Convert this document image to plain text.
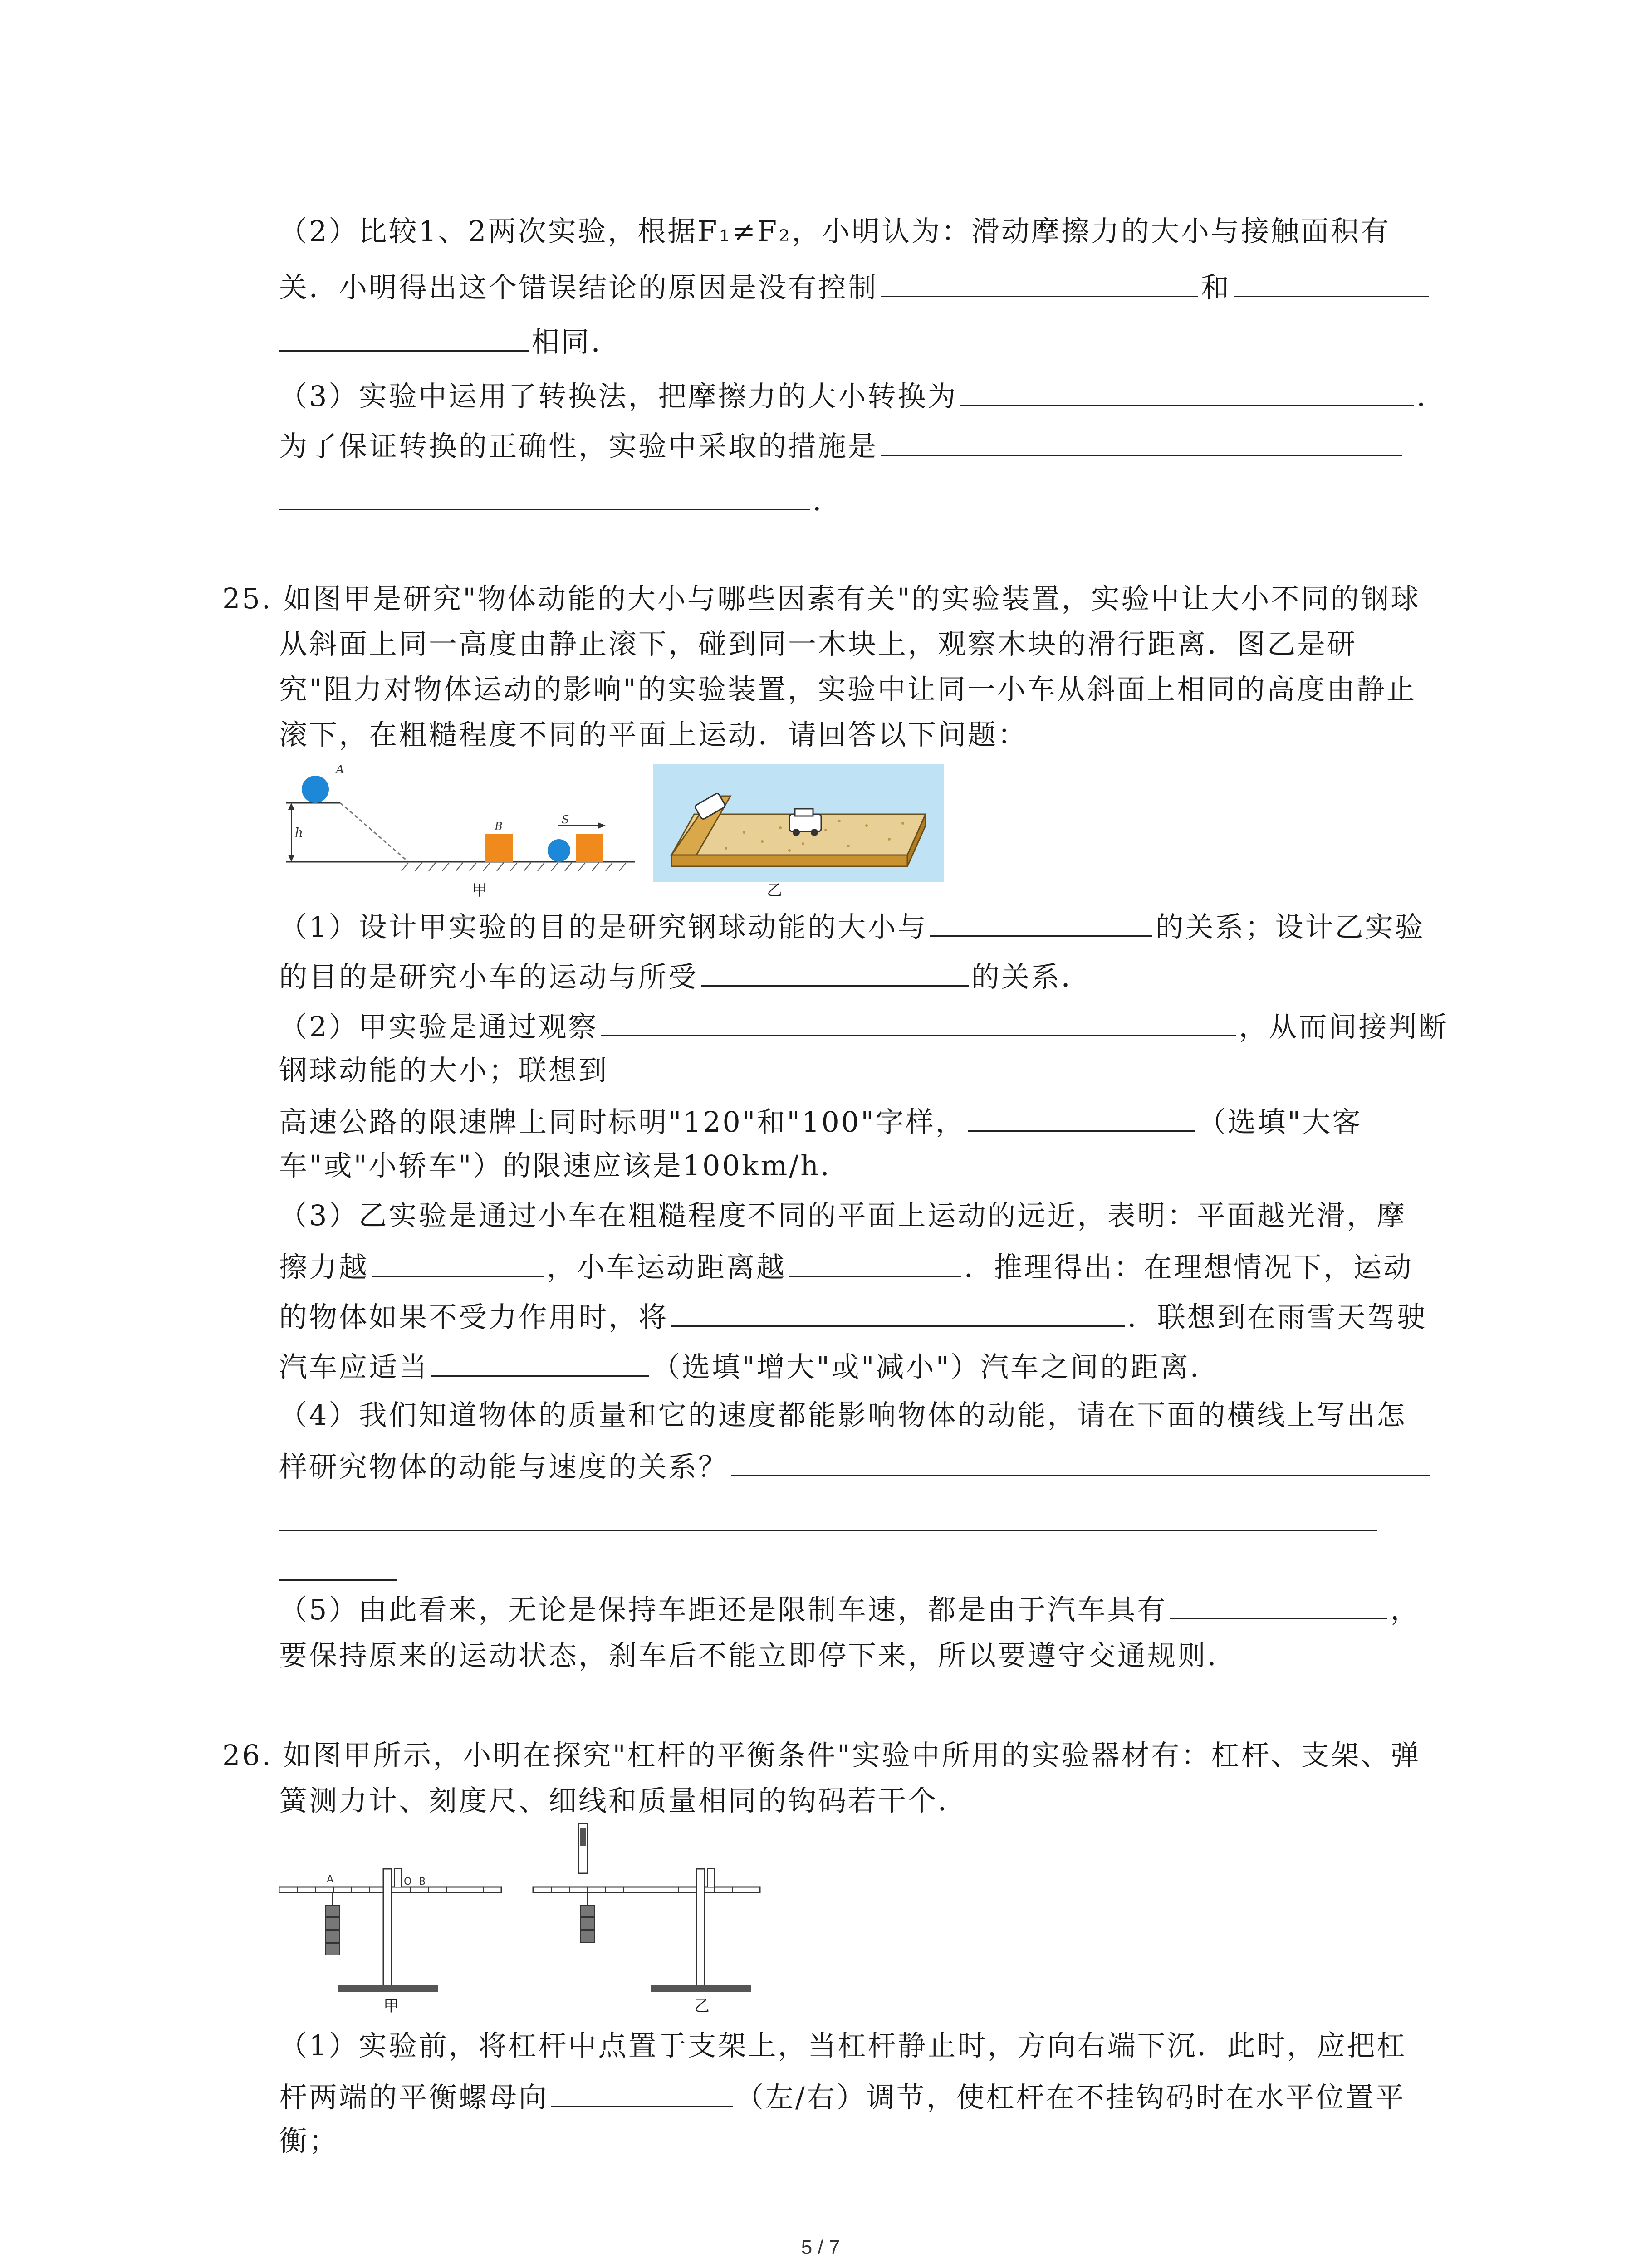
（2）比较1、2两次实验，根据F₁≠F₂，小明认为：滑动摩擦力的大小与接触面积有
关．小明得出这个错误结论的原因是没有控制	和
相同．
（3）实验中运用了转换法，把摩擦力的大小转换为	．
为了保证转换的正确性，实验中采取的措施是
．
25. 如图甲是研究"物体动能的大小与哪些因素有关"的实验装置，实验中让大小不同的钢球
从斜面上同一高度由静止滚下，碰到同一木块上，观察木块的滑行距离．图乙是研
究"阻力对物体运动的影响"的实验装置，实验中让同一小车从斜面上相同的高度由静止
滚下，在粗糙程度不同的平面上运动．请回答以下问题：
A
h	B
S
甲	乙
（1）设计甲实验的目的是研究钢球动能的大小与	的关系；设计乙实验
的目的是研究小车的运动与所受	的关系．
（2）甲实验是通过观察	，从而间接判断
钢球动能的大小；联想到
高速公路的限速牌上同时标明"120"和"100"字样，	（选填"大客
车"或"小轿车"）的限速应该是100km/h．
（3）乙实验是通过小车在粗糙程度不同的平面上运动的远近，表明：平面越光滑，摩
擦力越	，小车运动距离越	．推理得出：在理想情况下，运动
的物体如果不受力作用时，将	．联想到在雨雪天驾驶
汽车应适当	（选填"增大"或"减小"）汽车之间的距离．
（4）我们知道物体的质量和它的速度都能影响物体的动能，请在下面的横线上写出怎
样研究物体的动能与速度的关系？
（5）由此看来，无论是保持车距还是限制车速，都是由于汽车具有	，
要保持原来的运动状态，刹车后不能立即停下来，所以要遵守交通规则．
26. 如图甲所示，小明在探究"杠杆的平衡条件"实验中所用的实验器材有：杠杆、支架、弹
簧测力计、刻度尺、细线和质量相同的钩码若干个．
A	O B
甲	乙
（1）实验前，将杠杆中点置于支架上，当杠杆静止时，方向右端下沉．此时，应把杠
杆两端的平衡螺母向	（左/右）调节，使杠杆在不挂钩码时在水平位置平
衡；
5 / 7
